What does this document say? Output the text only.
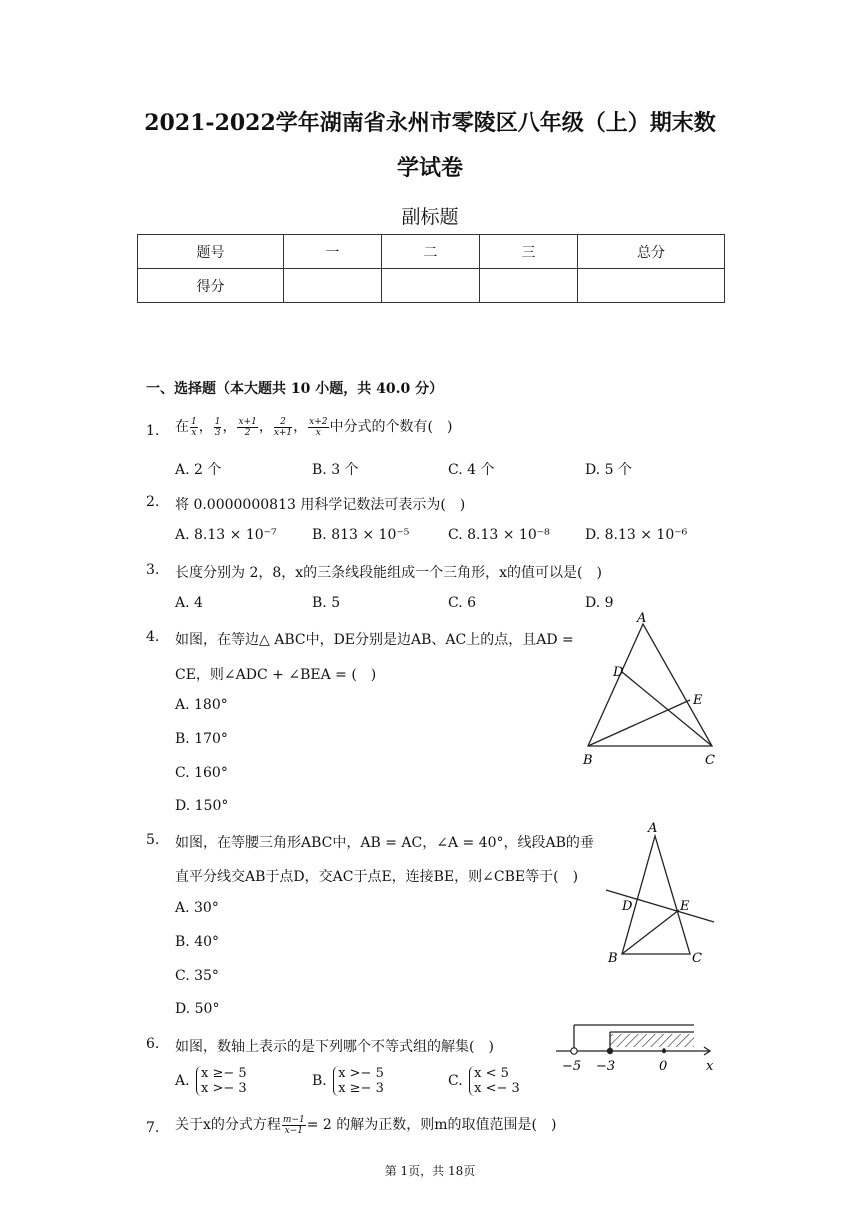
2021-2022学年湖南省永州市零陵区八年级（上）期末数
学试卷
副标题
题号	一	二	三	总分
得分				
一、选择题（本大题共 10 小题，共 40.0 分）
1. 在 $\frac{1}{x}$ ， $\frac{1}{3}$ ， $\frac{x+1}{2}$ ， $\frac{2}{x+1}$ ， $\frac{x+2}{x}$ 中分式的个数有(　)
A. 2 个	B. 3 个	C. 4 个	D. 5 个
2. 将 0.0000000813 用科学记数法可表示为(　)
A. 8.13 × 10⁻⁷	B. 813 × 10⁻⁵	C. 8.13 × 10⁻⁸	D. 8.13 × 10⁻⁶
3. 长度分别为 2，8，x的三条线段能组成一个三角形，x的值可以是(　)
A. 4	B. 5	C. 6	D. 9
4. 如图，在等边△ ABC中，DE分别是边AB、AC上的点，且AD =
CE，则∠ADC + ∠BEA = (　)
A. 180°
B. 170°
C. 160°
D. 150°
A
D
E
B	C
5. 如图，在等腰三角形ABC中，AB = AC，∠A = 40°，线段AB的垂
直平分线交AB于点D，交AC于点E，连接BE，则∠CBE等于(　)
A. 30°
B. 40°
C. 35°
D. 50°
A
D	E
B	C
6. 如图，数轴上表示的是下列哪个不等式组的解集(　)
A. x ≥− 5
x >− 3	B. x >− 5
x ≥− 3	C. x < 5
x <− 3
−5 −3	0	x
7. 关于x的分式方程 $\frac{m-1}{x-1} = 2$ 的解为正数，则m的取值范围是(　)
第 1页，共 18页
